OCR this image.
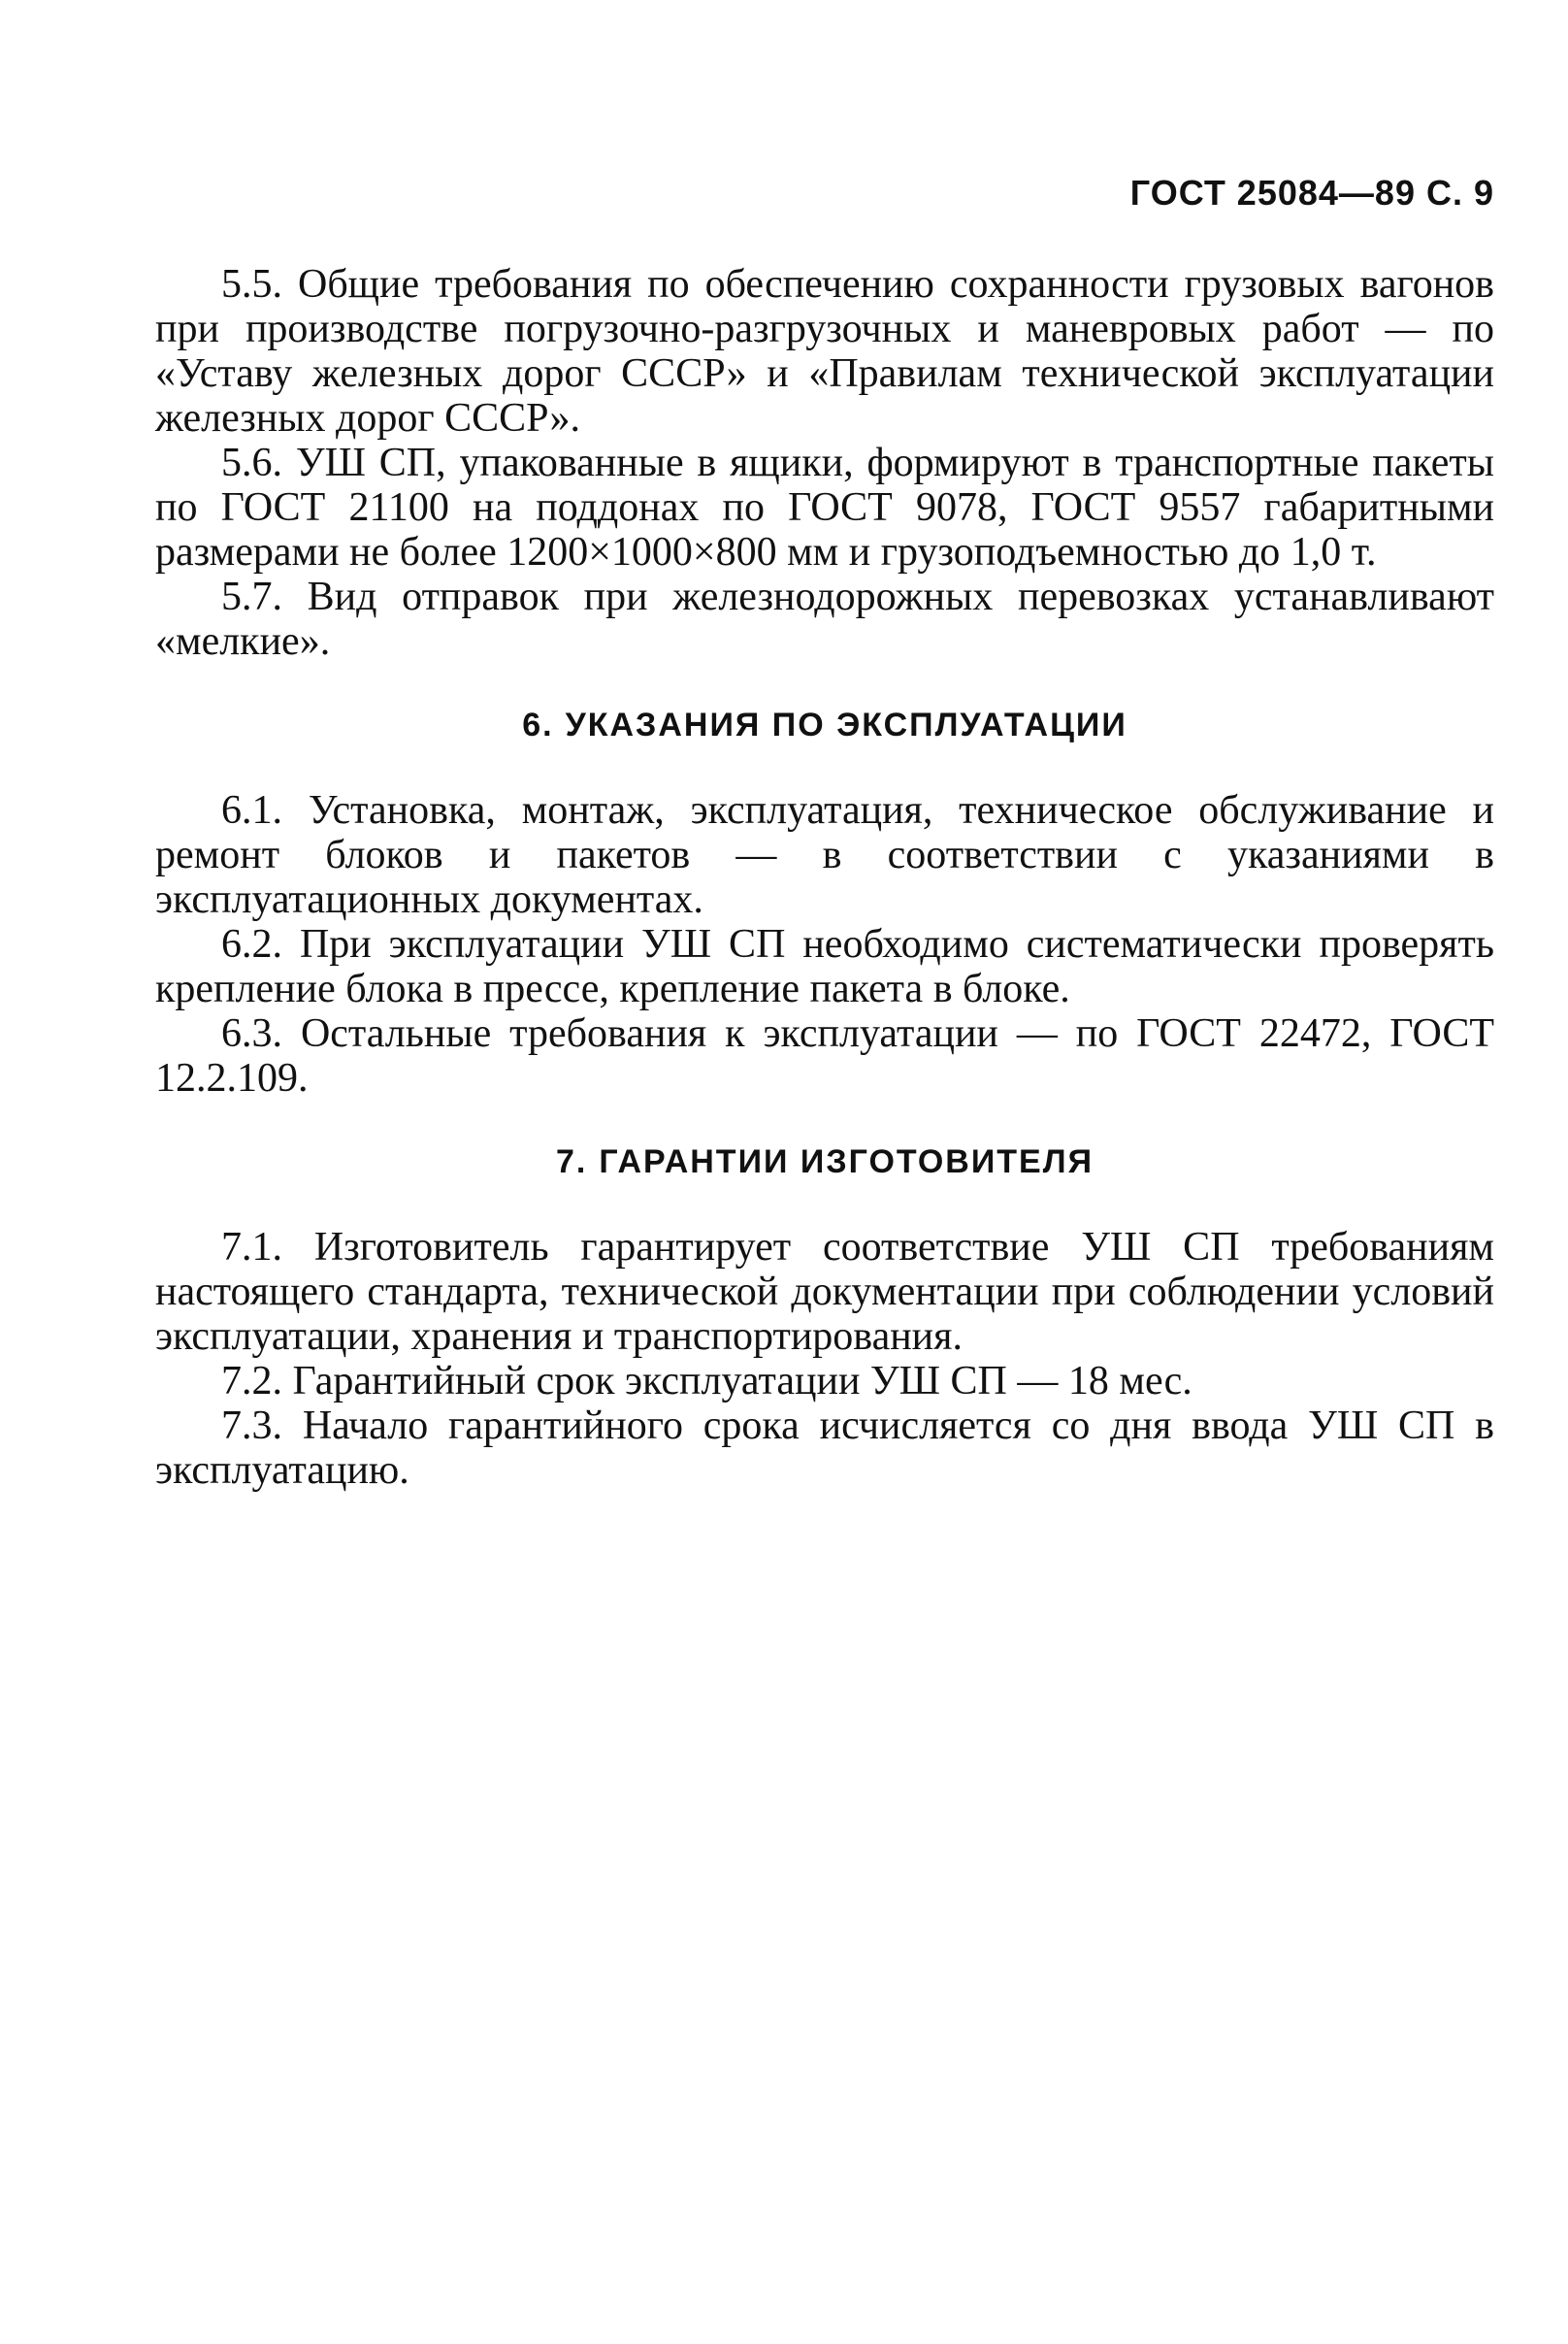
ГОСТ 25084—89 С. 9

5.5. Общие требования по обеспечению сохранности грузовых вагонов при производстве погрузочно-разгрузочных и маневровых работ — по «Уставу железных дорог СССР» и «Правилам технической эксплуатации железных дорог СССР».

5.6. УШ СП, упакованные в ящики, формируют в транспортные пакеты по ГОСТ 21100 на поддонах по ГОСТ 9078, ГОСТ 9557 габаритными размерами не более 1200×1000×800 мм и грузоподъемностью до 1,0 т.

5.7. Вид отправок при железнодорожных перевозках устанавливают «мелкие».

6. УКАЗАНИЯ ПО ЭКСПЛУАТАЦИИ

6.1. Установка, монтаж, эксплуатация, техническое обслуживание и ремонт блоков и пакетов — в соответствии с указаниями в эксплуатационных документах.

6.2. При эксплуатации УШ СП необходимо систематически проверять крепление блока в прессе, крепление пакета в блоке.

6.3. Остальные требования к эксплуатации — по ГОСТ 22472, ГОСТ 12.2.109.

7. ГАРАНТИИ ИЗГОТОВИТЕЛЯ

7.1. Изготовитель гарантирует соответствие УШ СП требованиям настоящего стандарта, технической документации при соблюдении условий эксплуатации, хранения и транспортирования.

7.2. Гарантийный срок эксплуатации УШ СП — 18 мес.

7.3. Начало гарантийного срока исчисляется со дня ввода УШ СП в эксплуатацию.
